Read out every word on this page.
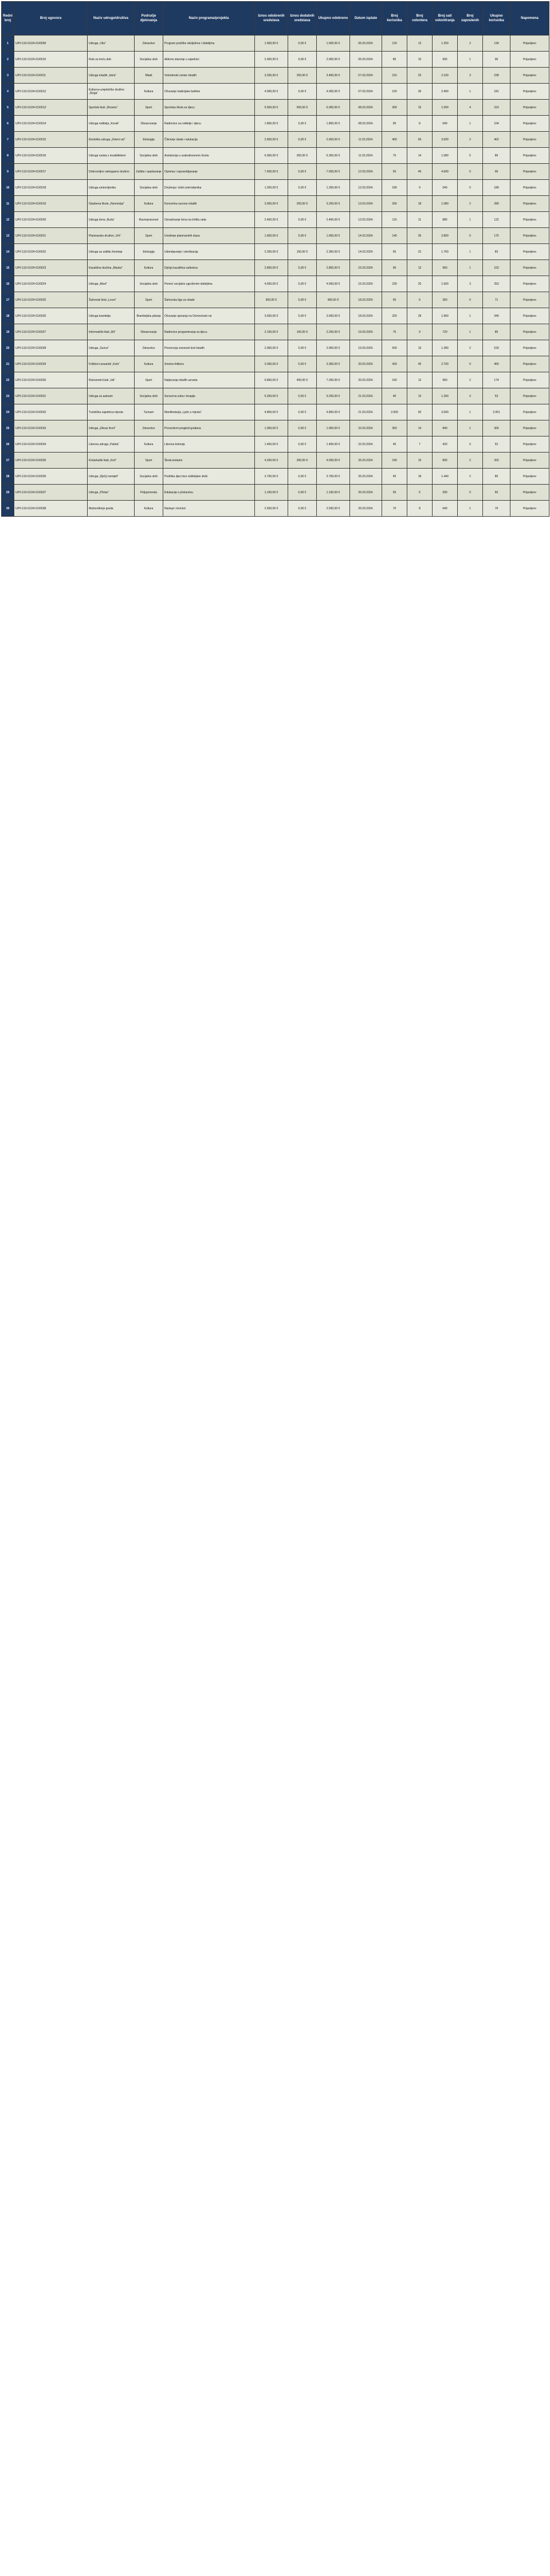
Redni broj	Broj ugovora	Naziv udruge/društva	Područje djelovanja	Naziv programa/projekta	Iznos odobrenih sredstava	Iznos dodatnih sredstava	Ukupno odobreno	Datum isplate	Broj korisnika	Broj volontera	Broj sati volontiranja	Broj zaposlenih	Ukupno korisnika	Napomena
1	UP/I-110-01/24-01/0009	Udruga „Vita“	Zdravstvo	Program podrške oboljelima i obiteljima	1.500,00 €	0,00 €	1.500,00 €	05.03.2024.	120	12	1.200	2	134	Prijavljeno
2	UP/I-110-01/24-01/0010	Klub za treću dob	Socijalna skrb	Aktivno starenje u zajednici	2.000,00 €	0,00 €	2.000,00 €	05.03.2024.	85	10	900	1	96	Prijavljeno
3	UP/I-110-01/24-01/0011	Udruga mladih „Iskra“	Mladi	Volonterski centar mladih	3.200,00 €	250,00 €	3.450,00 €	07.03.2024.	210	25	2.100	3	238	Prijavljeno
4	UP/I-110-01/24-01/0012	Kulturno-umjetničko društvo „Sloga“	Kultura	Očuvanje tradicijske baštine	4.000,00 €	0,00 €	4.000,00 €	07.03.2024.	150	30	2.400	1	181	Prijavljeno
5	UP/I-110-01/24-01/0013	Sportski klub „Dinamo“	Sport	Sportska škola za djecu	5.500,00 €	500,00 €	6.000,00 €	08.03.2024.	300	15	1.500	4	319	Prijavljeno
6	UP/I-110-01/24-01/0014	Udruga roditelja „Korak“	Obrazovanje	Radionice za roditelje i djecu	1.800,00 €	0,00 €	1.800,00 €	08.03.2024.	95	8	640	1	104	Prijavljeno
7	UP/I-110-01/24-01/0015	Ekološka udruga „Zeleni val“	Ekologija	Čišćenje obale i edukacija	2.600,00 €	0,00 €	2.600,00 €	11.03.2024.	400	60	3.000	2	462	Prijavljeno
8	UP/I-110-01/24-01/0016	Udruga osoba s invaliditetom	Socijalna skrb	Asistencija u svakodnevnom životu	6.000,00 €	300,00 €	6.300,00 €	11.03.2024.	70	14	1.680	5	89	Prijavljeno
9	UP/I-110-01/24-01/0017	Dobrovoljno vatrogasno društvo	Zaštita i spašavanje	Oprema i osposobljavanje	7.500,00 €	0,00 €	7.500,00 €	12.03.2024.	50	40	4.000	0	90	Prijavljeno
10	UP/I-110-01/24-01/0018	Udruga umirovljenika	Socijalna skrb	Druženja i izleti umirovljenika	1.200,00 €	0,00 €	1.200,00 €	12.03.2024.	180	9	540	0	189	Prijavljeno
11	UP/I-110-01/24-01/0019	Glazbena škola „Harmonija“	Kultura	Koncertna sezona mladih	3.000,00 €	200,00 €	3.200,00 €	13.03.2024.	260	18	1.080	2	280	Prijavljeno
12	UP/I-110-01/24-01/0020	Udruga žena „Ruža“	Ravnopravnost	Osnaživanje žena na tržištu rada	2.400,00 €	0,00 €	2.400,00 €	13.03.2024.	110	11	880	1	122	Prijavljeno
13	UP/I-110-01/24-01/0021	Planinarsko društvo „Vrh“	Sport	Uređenje planinarskih staza	1.600,00 €	0,00 €	1.600,00 €	14.03.2024.	140	35	2.800	0	175	Prijavljeno
14	UP/I-110-01/24-01/0022	Udruga za zaštitu životinja	Ekologija	Udomljavanje i sterilizacija	2.200,00 €	150,00 €	2.350,00 €	14.03.2024.	60	22	1.760	1	83	Prijavljeno
15	UP/I-110-01/24-01/0023	Kazališna družina „Maska“	Kultura	Dječja kazališna radionica	2.800,00 €	0,00 €	2.800,00 €	15.03.2024.	90	12	960	1	103	Prijavljeno
16	UP/I-110-01/24-01/0024	Udruga „Most“	Socijalna skrb	Pomoć socijalno ugroženim obiteljima	4.500,00 €	0,00 €	4.500,00 €	15.03.2024.	230	20	1.600	3	253	Prijavljeno
17	UP/I-110-01/24-01/0025	Šahovski klub „Lovor“	Sport	Šahovska liga za mlade	900,00 €	0,00 €	900,00 €	18.03.2024.	65	6	360	0	71	Prijavljeno
18	UP/I-110-01/24-01/0026	Udruga branitelja	Braniteljska pitanja	Očuvanje sjećanja na Domovinski rat	3.600,00 €	0,00 €	3.600,00 €	18.03.2024.	320	28	1.960	1	349	Prijavljeno
19	UP/I-110-01/24-01/0027	Informatički klub „Bit“	Obrazovanje	Radionice programiranja za djecu	2.100,00 €	100,00 €	2.200,00 €	19.03.2024.	75	9	720	1	85	Prijavljeno
20	UP/I-110-01/24-01/0028	Udruga „Sunce“	Zdravstvo	Prevencija ovisnosti kod mladih	2.900,00 €	0,00 €	2.900,00 €	19.03.2024.	500	16	1.280	2	518	Prijavljeno
21	UP/I-110-01/24-01/0029	Folklorni ansambl „Kolo“	Kultura	Smotra folklora	3.300,00 €	0,00 €	3.300,00 €	20.03.2024.	420	45	2.700	0	465	Prijavljeno
22	UP/I-110-01/24-01/0030	Rukometni klub „Val“	Sport	Natjecanja mlađih uzrasta	6.800,00 €	400,00 €	7.200,00 €	20.03.2024.	160	12	960	2	174	Prijavljeno
23	UP/I-110-01/24-01/0031	Udruga za autizam	Socijalna skrb	Senzorna soba i terapije	5.200,00 €	0,00 €	5.200,00 €	21.03.2024.	40	10	1.200	3	53	Prijavljeno
24	UP/I-110-01/24-01/0032	Turistička zajednica mjesta	Turizam	Manifestacija „Ljeto u mjestu“	4.800,00 €	0,00 €	4.800,00 €	21.03.2024.	2.000	50	3.000	1	2.051	Prijavljeno
25	UP/I-110-01/24-01/0033	Udruga „Zdravi život“	Zdravstvo	Preventivni pregledi građana	1.900,00 €	0,00 €	1.900,00 €	22.03.2024.	350	14	840	1	365	Prijavljeno
26	UP/I-110-01/24-01/0034	Likovna udruga „Paleta“	Kultura	Likovna kolonija	1.400,00 €	0,00 €	1.400,00 €	22.03.2024.	45	7	420	0	52	Prijavljeno
27	UP/I-110-01/24-01/0035	Košarkaški klub „Koš“	Sport	Škola košarke	4.200,00 €	300,00 €	4.500,00 €	25.03.2024.	190	10	800	2	202	Prijavljeno
28	UP/I-110-01/24-01/0036	Udruga „Dječji osmijeh“	Socijalna skrb	Podrška djeci bez roditeljske skrbi	3.700,00 €	0,00 €	3.700,00 €	25.03.2024.	65	18	1.440	2	85	Prijavljeno
29	UP/I-110-01/24-01/0037	Udruga „Pčelar“	Poljoprivreda	Edukacija o pčelarstvu	1.100,00 €	0,00 €	1.100,00 €	26.03.2024.	55	5	300	0	60	Prijavljeno
30	UP/I-110-01/24-01/0038	Mažoretkinje grada	Kultura	Nastupi i treninzi	2.500,00 €	0,00 €	2.500,00 €	26.03.2024.	70	8	640	1	79	Prijavljeno
